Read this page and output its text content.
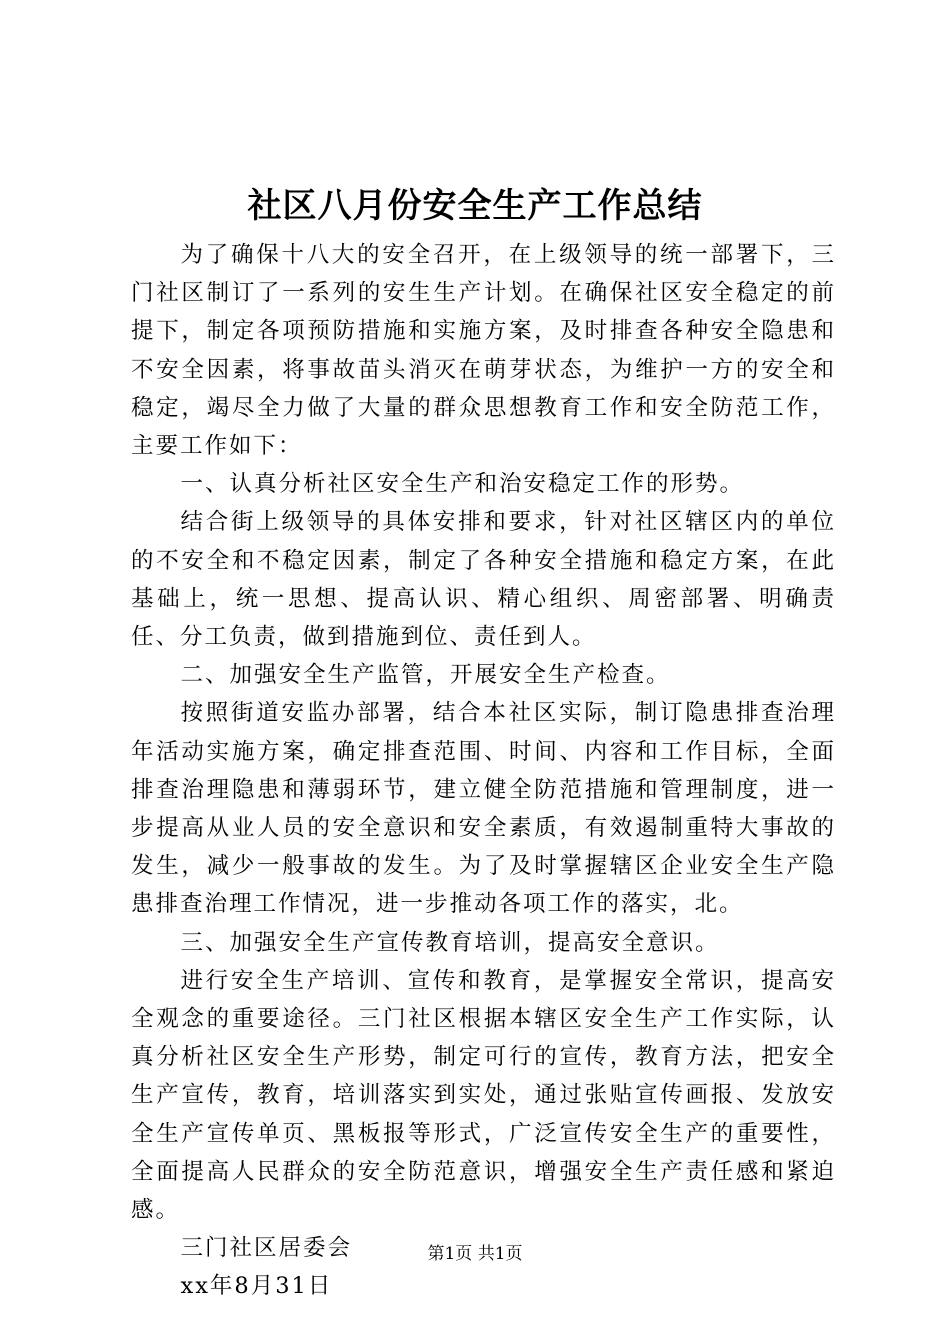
社区八月份安全生产工作总结

为了确保十八大的安全召开，在上级领导的统一部署下，三门社区制订了一系列的安生生产计划。在确保社区安全稳定的前提下，制定各项预防措施和实施方案，及时排查各种安全隐患和不安全因素，将事故苗头消灭在萌芽状态，为维护一方的安全和稳定，竭尽全力做了大量的群众思想教育工作和安全防范工作，主要工作如下：

一、认真分析社区安全生产和治安稳定工作的形势。

结合街上级领导的具体安排和要求，针对社区辖区内的单位的不安全和不稳定因素，制定了各种安全措施和稳定方案，在此基础上，统一思想、提高认识、精心组织、周密部署、明确责任、分工负责，做到措施到位、责任到人。

二、加强安全生产监管，开展安全生产检查。

按照街道安监办部署，结合本社区实际，制订隐患排查治理年活动实施方案，确定排查范围、时间、内容和工作目标，全面排查治理隐患和薄弱环节，建立健全防范措施和管理制度，进一步提高从业人员的安全意识和安全素质，有效遏制重特大事故的发生，减少一般事故的发生。为了及时掌握辖区企业安全生产隐患排查治理工作情况，进一步推动各项工作的落实，北。

三、加强安全生产宣传教育培训，提高安全意识。

进行安全生产培训、宣传和教育，是掌握安全常识，提高安全观念的重要途径。三门社区根据本辖区安全生产工作实际，认真分析社区安全生产形势，制定可行的宣传，教育方法，把安全生产宣传，教育，培训落实到实处，通过张贴宣传画报、发放安全生产宣传单页、黑板报等形式，广泛宣传安全生产的重要性，全面提高人民群众的安全防范意识，增强安全生产责任感和紧迫感。

三门社区居委会

xx年8月31日

第1页 共1页
